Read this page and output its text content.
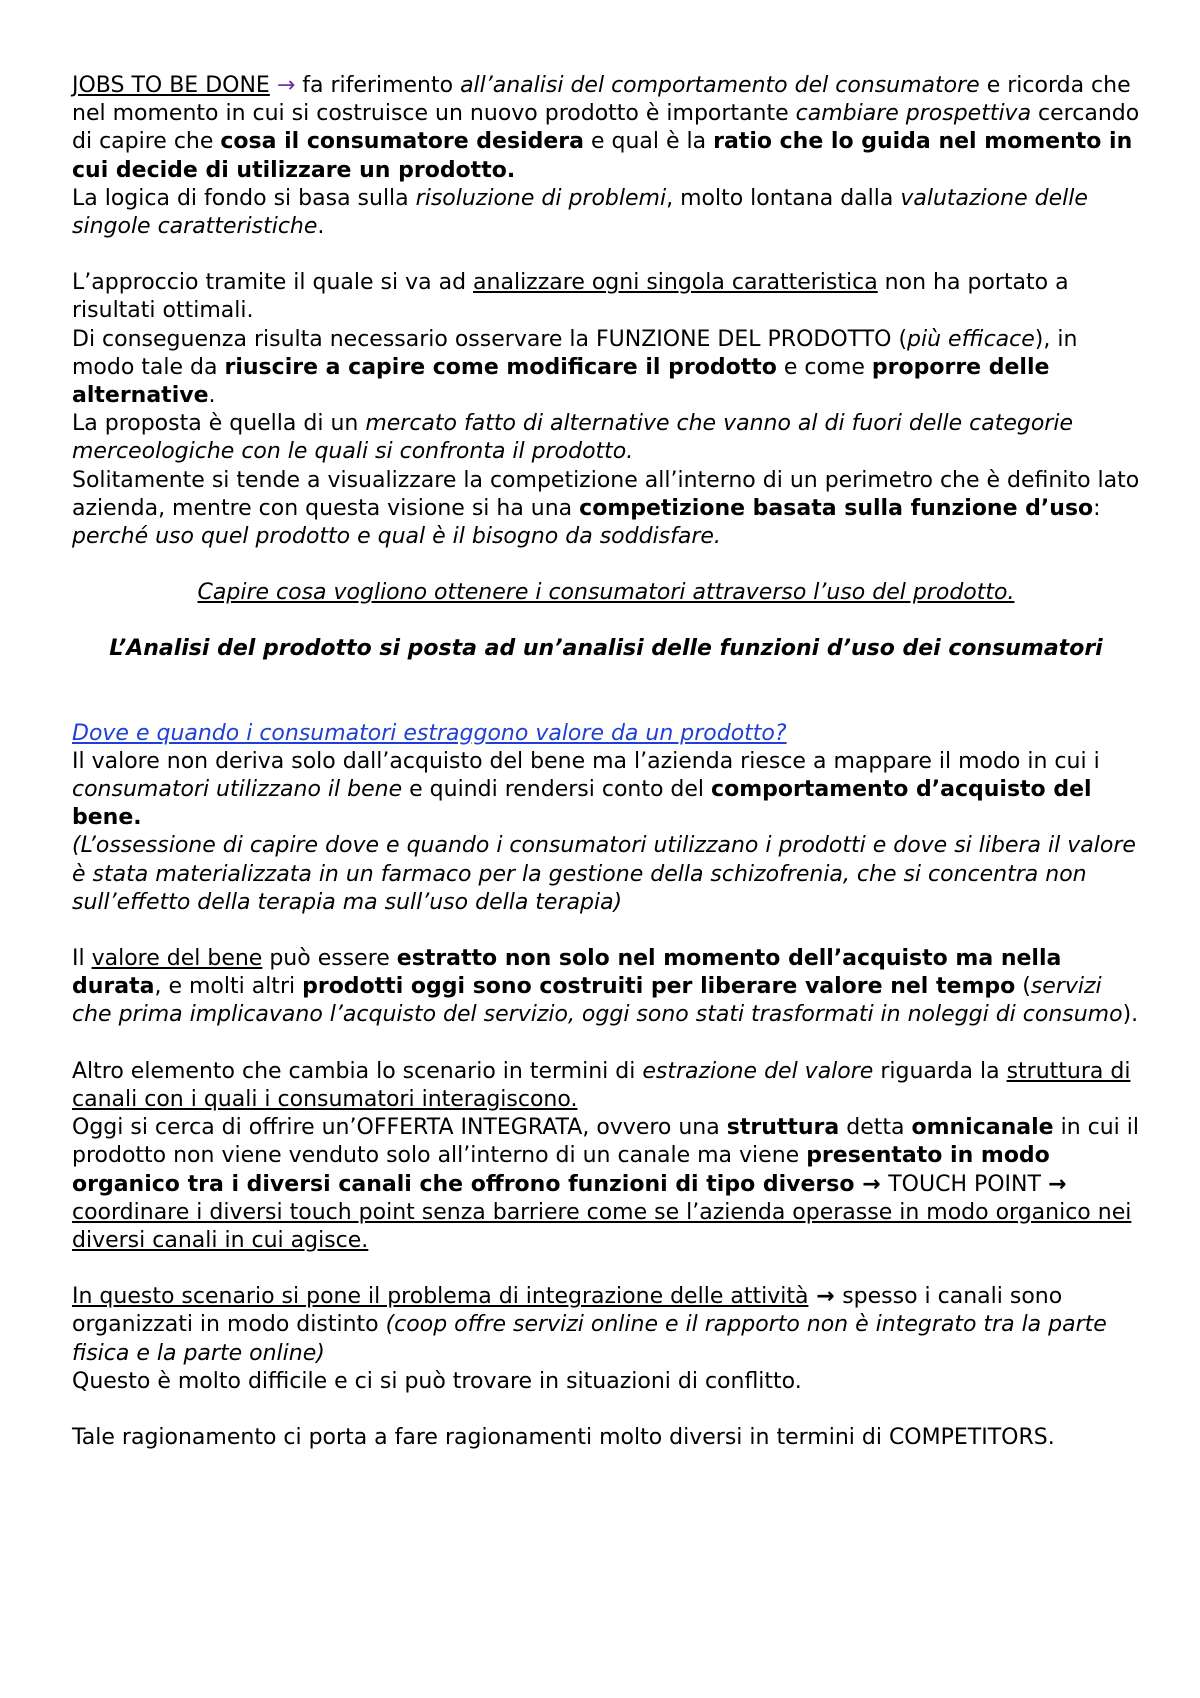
JOBS TO BE DONE → fa riferimento all’analisi del comportamento del consumatore e ricorda che nel momento in cui si costruisce un nuovo prodotto è importante cambiare prospettiva cercando di capire che cosa il consumatore desidera e qual è la ratio che lo guida nel momento in cui decide di utilizzare un prodotto.

La logica di fondo si basa sulla risoluzione di problemi, molto lontana dalla valutazione delle singole caratteristiche.

L’approccio tramite il quale si va ad analizzare ogni singola caratteristica non ha portato a risultati ottimali.

Di conseguenza risulta necessario osservare la FUNZIONE DEL PRODOTTO (più efficace), in modo tale da riuscire a capire come modificare il prodotto e come proporre delle alternative.

La proposta è quella di un mercato fatto di alternative che vanno al di fuori delle categorie merceologiche con le quali si confronta il prodotto.

Solitamente si tende a visualizzare la competizione all’interno di un perimetro che è definito lato azienda, mentre con questa visione si ha una competizione basata sulla funzione d’uso: perché uso quel prodotto e qual è il bisogno da soddisfare.

Capire cosa vogliono ottenere i consumatori attraverso l’uso del prodotto.

L’Analisi del prodotto si posta ad un’analisi delle funzioni d’uso dei consumatori

Dove e quando i consumatori estraggono valore da un prodotto?

Il valore non deriva solo dall’acquisto del bene ma l’azienda riesce a mappare il modo in cui i consumatori utilizzano il bene e quindi rendersi conto del comportamento d’acquisto del bene.

(L’ossessione di capire dove e quando i consumatori utilizzano i prodotti e dove si libera il valore è stata materializzata in un farmaco per la gestione della schizofrenia, che si concentra non sull’effetto della terapia ma sull’uso della terapia)

Il valore del bene può essere estratto non solo nel momento dell’acquisto ma nella durata, e molti altri prodotti oggi sono costruiti per liberare valore nel tempo (servizi che prima implicavano l’acquisto del servizio, oggi sono stati trasformati in noleggi di consumo).

Altro elemento che cambia lo scenario in termini di estrazione del valore riguarda la struttura di canali con i quali i consumatori interagiscono.

Oggi si cerca di offrire un’OFFERTA INTEGRATA, ovvero una struttura detta omnicanale in cui il prodotto non viene venduto solo all’interno di un canale ma viene presentato in modo organico tra i diversi canali che offrono funzioni di tipo diverso → TOUCH POINT → coordinare i diversi touch point senza barriere come se l’azienda operasse in modo organico nei diversi canali in cui agisce.

In questo scenario si pone il problema di integrazione delle attività → spesso i canali sono organizzati in modo distinto (coop offre servizi online e il rapporto non è integrato tra la parte fisica e la parte online)

Questo è molto difficile e ci si può trovare in situazioni di conflitto.

Tale ragionamento ci porta a fare ragionamenti molto diversi in termini di COMPETITORS.
